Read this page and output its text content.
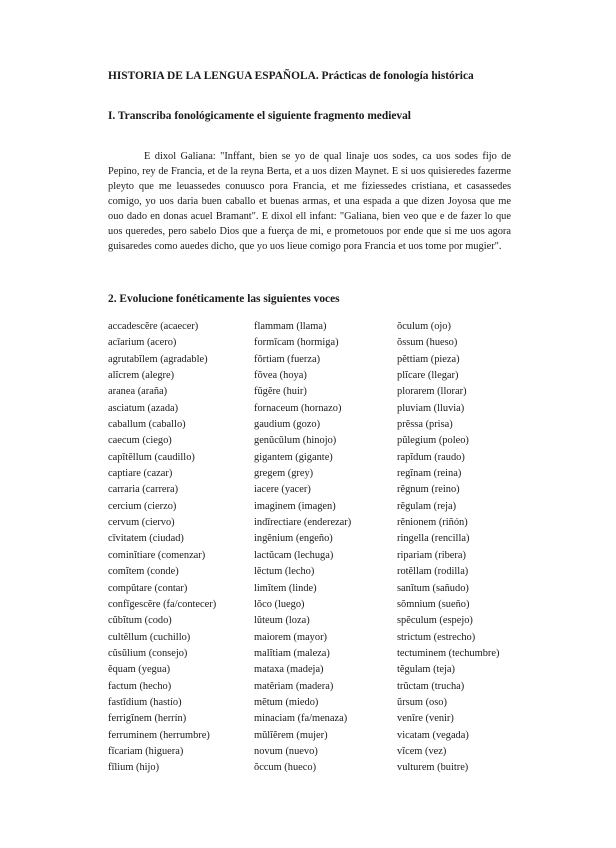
HISTORIA DE LA LENGUA ESPAÑOLA. Prácticas de fonología histórica
I. Transcriba fonológicamente el siguiente fragmento medieval

E dixol Galiana: "Inffant, bien se yo de qual linaje uos sodes, ca uos sodes fijo de Pepino, rey de Francia, et de la reyna Berta, et a uos dizen Maynet. E si uos quisieredes fazerme pleyto que me leuassedes conuusco pora Francia, et me fiziessedes cristiana, et casassedes comigo, yo uos daria buen caballo et buenas armas, et una espada a que dizen Joyosa que me ouo dado en donas acuel Bramant". E dixol ell infant: "Galiana, bien veo que e de fazer lo que uos queredes, pero sabelo Dios que a fuerça de mi, e prometouos por ende que si me uos agora guisaredes como auedes dicho, que yo uos lieue comigo pora Francia et uos tome por mugier".

2. Evolucione fonéticamente las siguientes voces
accadescĕre (acaecer)
acīarium (acero)
agrutabĭlem (agradable)
alĭcrem (alegre)
aranea (araña)
asciatum (azada)
caballum (caballo)
caecum (ciego)
capĭtĕllum (caudillo)
captiare (cazar)
carraria (carrera)
cercium (cierzo)
cervum (ciervo)
cīvitatem (ciudad)
cominĭtiare (comenzar)
comĭtem (conde)
compŭtare (contar)
confīgescĕre (fa/contecer)
cŭbĭtum (codo)
cultĕllum (cuchillo)
cŭsŭlium (consejo)
ĕquam (yegua)
factum (hecho)
fastīdium (hastío)
ferrigĭnem (herrín)
ferruminem (herrumbre)
fīcariam (higuera)
fīlium (hijo)
flammam (llama)
formīcam (hormiga)
fŏrtiam (fuerza)
fŏvea (hoya)
fŭgĕre (huir)
fornaceum (hornazo)
gaudium (gozo)
genŭcŭlum (hinojo)
gigantem (gigante)
gregem (grey)
iacere (yacer)
imaginem (imagen)
indīrectiare (enderezar)
ingĕnium (engeño)
lactŭcam (lechuga)
lĕctum (lecho)
limĭtem (linde)
lŏco (luego)
lŭteum (loza)
maiorem (mayor)
malĭtiam (maleza)
mataxa (madeja)
matĕriam (madera)
mĕtum (miedo)
minaciam (fa/menaza)
mŭlĭĕrem (mujer)
novum (nuevo)
ŏccum (hueco)
ŏculum (ojo)
ŏssum (hueso)
pĕttiam (pieza)
plĭcare (llegar)
plorarem (llorar)
pluviam (lluvia)
prĕssa (prisa)
pŭlegium (poleo)
rapĭdum (raudo)
regĭnam (reina)
rĕgnum (reino)
rĕgulam (reja)
rĕnionem (riñón)
ringella (rencilla)
ripariam (ribera)
rotĕllam (rodilla)
sanĭtum (sañudo)
sŏmnium (sueño)
spĕculum (espejo)
strictum (estrecho)
tectuminem (techumbre)
tĕgulam (teja)
trŭctam (trucha)
ŭrsum (oso)
venīre (venir)
vicatam (vegada)
vĭcem (vez)
vulturem (buitre)
